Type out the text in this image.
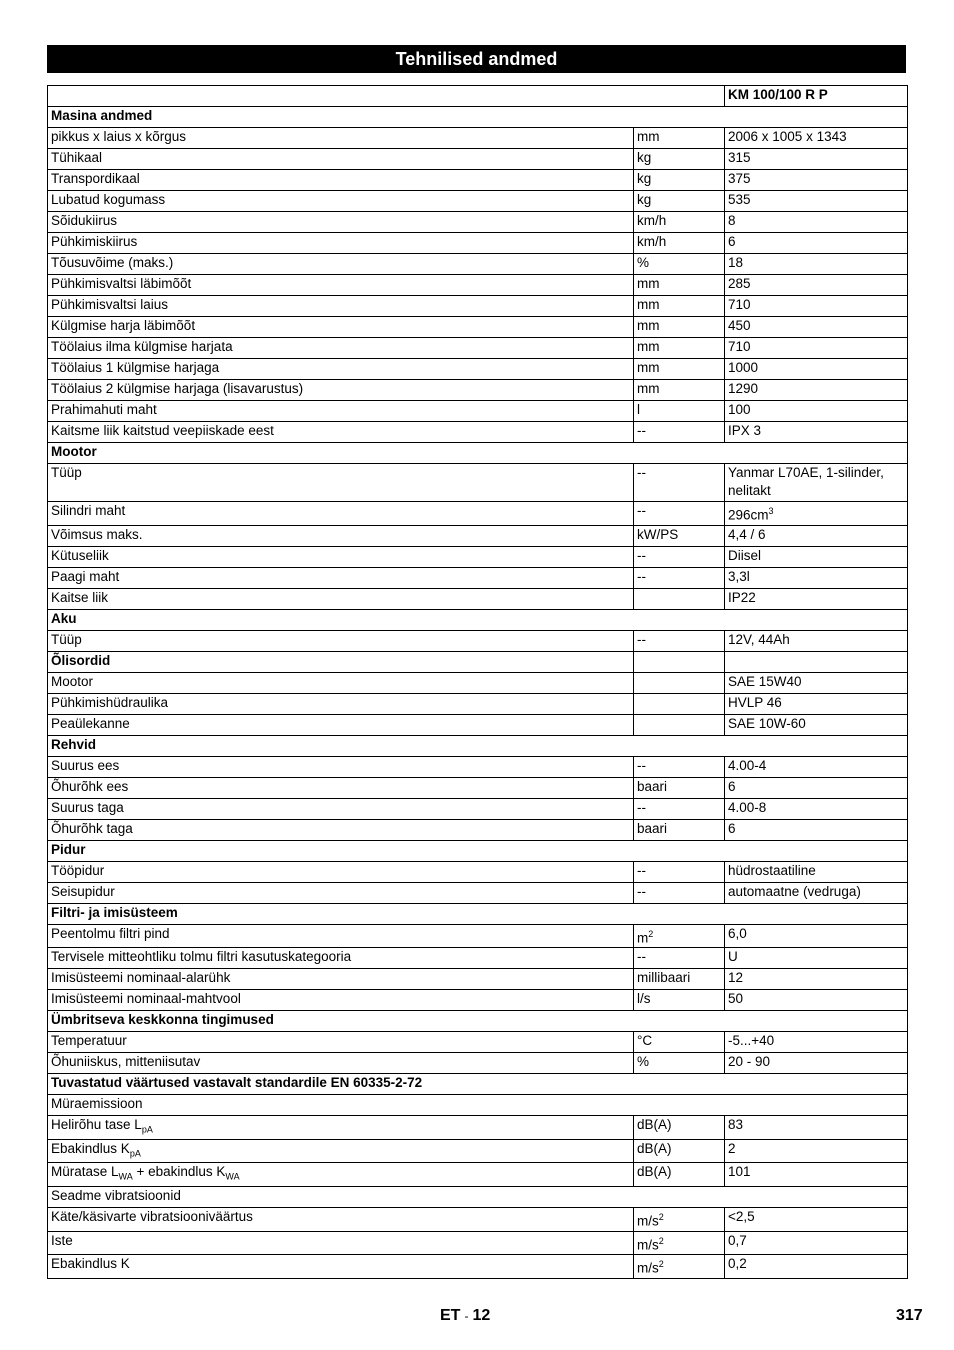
Tehnilised andmed
		KM 100/100 R P
Masina andmed		
pikkus x laius x kõrgus	mm	2006 x 1005 x 1343
Tühikaal	kg	315
Transpordikaal	kg	375
Lubatud kogumass	kg	535
Sõidukiirus	km/h	8
Pühkimiskiirus	km/h	6
Tõusuvõime (maks.)	%	18
Pühkimisvaltsi läbimõõt	mm	285
Pühkimisvaltsi laius	mm	710
Külgmise harja läbimõõt	mm	450
Töölaius ilma külgmise harjata	mm	710
Töölaius 1 külgmise harjaga	mm	1000
Töölaius 2 külgmise harjaga (lisavarustus)	mm	1290
Prahimahuti maht	l	100
Kaitsme liik kaitstud veepiiskade eest	--	IPX 3
Mootor		
Tüüp	--	Yanmar L70AE, 1-silinder, nelitakt
Silindri maht	--	$296cm^3$
Võimsus maks.	kW/PS	4,4 / 6
Kütuseliik	--	Diisel
Paagi maht	--	3,3l
Kaitse liik		IP22
Aku		
Tüüp	--	12V, 44Ah
Õlisordid		
Mootor		SAE 15W40
Pühkimishüdraulika		HVLP 46
Peaülekanne		SAE 10W-60
Rehvid		
Suurus ees	--	4.00-4
Õhurõhk ees	baari	6
Suurus taga	--	4.00-8
Õhurõhk taga	baari	6
Pidur		
Tööpidur	--	hüdrostaatiline
Seisupidur	--	automaatne (vedruga)
Filtri- ja imisüsteem		
Peentolmu filtri pind	$m^2$	6,0
Tervisele mitteohtliku tolmu filtri kasutuskategooria	--	U
Imisüsteemi nominaal-alarühk	millibaari	12
Imisüsteemi nominaal-mahtvool	l/s	50
Ümbritseva keskkonna tingimused		
Temperatuur	°C	-5...+40
Õhuniiskus, mitteniisutav	%	20 - 90
Tuvastatud väärtused vastavalt standardile EN 60335-2-72		
Müraemissioon		
Helirõhu tase $L_{pA}$	dB(A)	83
Ebakindlus $K_{pA}$	dB(A)	2
Müratase $L_{WA}$ + ebakindlus $K_{WA}$	dB(A)	101
Seadme vibratsioonid		
Käte/käsivarte vibratsiooniväärtus	$m/s^2$	<2,5
Iste	$m/s^2$	0,7
Ebakindlus K	$m/s^2$	0,2
ET - 12	317
